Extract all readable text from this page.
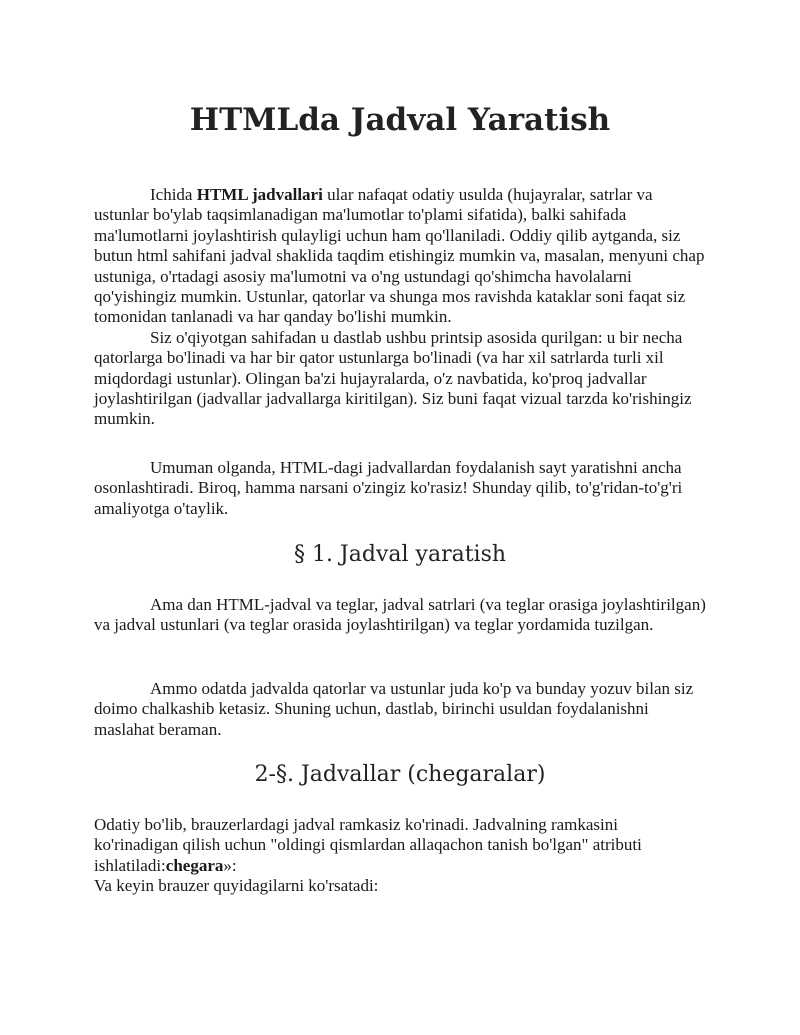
HTMLda Jadval Yaratish

Ichida HTML jadvallari ular nafaqat odatiy usulda (hujayralar, satrlar va ustunlar bo'ylab taqsimlanadigan ma'lumotlar to'plami sifatida), balki sahifada ma'lumotlarni joylashtirish qulayligi uchun ham qo'llaniladi. Oddiy qilib aytganda, siz butun html sahifani jadval shaklida taqdim etishingiz mumkin va, masalan, menyuni chap ustuniga, o'rtadagi asosiy ma'lumotni va o'ng ustundagi qo'shimcha havolalarni qo'yishingiz mumkin. Ustunlar, qatorlar va shunga mos ravishda kataklar soni faqat siz tomonidan tanlanadi va har qanday bo'lishi mumkin.

Siz o'qiyotgan sahifadan u dastlab ushbu printsip asosida qurilgan: u bir necha qatorlarga bo'linadi va har bir qator ustunlarga bo'linadi (va har xil satrlarda turli xil miqdordagi ustunlar). Olingan ba'zi hujayralarda, o'z navbatida, ko'proq jadvallar joylashtirilgan (jadvallar jadvallarga kiritilgan). Siz buni faqat vizual tarzda ko'rishingiz mumkin.

Umuman olganda, HTML-dagi jadvallardan foydalanish sayt yaratishni ancha osonlashtiradi. Biroq, hamma narsani o'zingiz ko'rasiz! Shunday qilib, to'g'ridan-to'g'ri amaliyotga o'taylik.

§ 1. Jadval yaratish

Ama dan HTML-jadval va teglar, jadval satrlari (va teglar orasiga joylashtirilgan) va jadval ustunlari (va teglar orasida joylashtirilgan) va teglar yordamida tuzilgan.

Ammo odatda jadvalda qatorlar va ustunlar juda ko'p va bunday yozuv bilan siz doimo chalkashib ketasiz. Shuning uchun, dastlab, birinchi usuldan foydalanishni maslahat beraman.

2-§. Jadvallar (chegaralar)

Odatiy bo'lib, brauzerlardagi jadval ramkasiz ko'rinadi. Jadvalning ramkasini ko'rinadigan qilish uchun "oldingi qismlardan allaqachon tanish bo'lgan" atributi ishlatiladi:chegara»:

Va keyin brauzer quyidagilarni ko'rsatadi:
